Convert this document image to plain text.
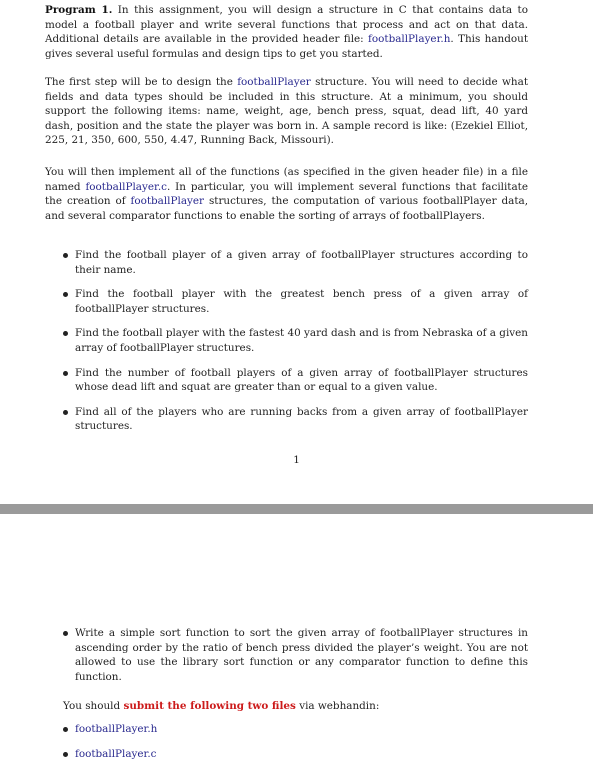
Program 1. In this assignment, you will design a structure in C that contains data to model a football player and write several functions that process and act on that data. Additional details are available in the provided header file: footballPlayer.h. This handout gives several useful formulas and design tips to get you started.

The first step will be to design the footballPlayer structure. You will need to decide what fields and data types should be included in this structure. At a minimum, you should support the following items: name, weight, age, bench press, squat, dead lift, 40 yard dash, position and the state the player was born in. A sample record is like: (Ezekiel Elliot, 225, 21, 350, 600, 550, 4.47, Running Back, Missouri).

You will then implement all of the functions (as specified in the given header file) in a file named footballPlayer.c. In particular, you will implement several functions that facilitate the creation of footballPlayer structures, the computation of various footballPlayer data, and several comparator functions to enable the sorting of arrays of footballPlayers.

Find the football player of a given array of footballPlayer structures according to their name.
Find the football player with the greatest bench press of a given array of footballPlayer structures.
Find the football player with the fastest 40 yard dash and is from Nebraska of a given array of footballPlayer structures.
Find the number of football players of a given array of footballPlayer structures whose dead lift and squat are greater than or equal to a given value.
Find all of the players who are running backs from a given array of footballPlayer structures.
1
Write a simple sort function to sort the given array of footballPlayer structures in ascending order by the ratio of bench press divided the player’s weight. You are not allowed to use the library sort function or any comparator function to define this function.

You should submit the following two files via webhandin:

footballPlayer.h
footballPlayer.c
